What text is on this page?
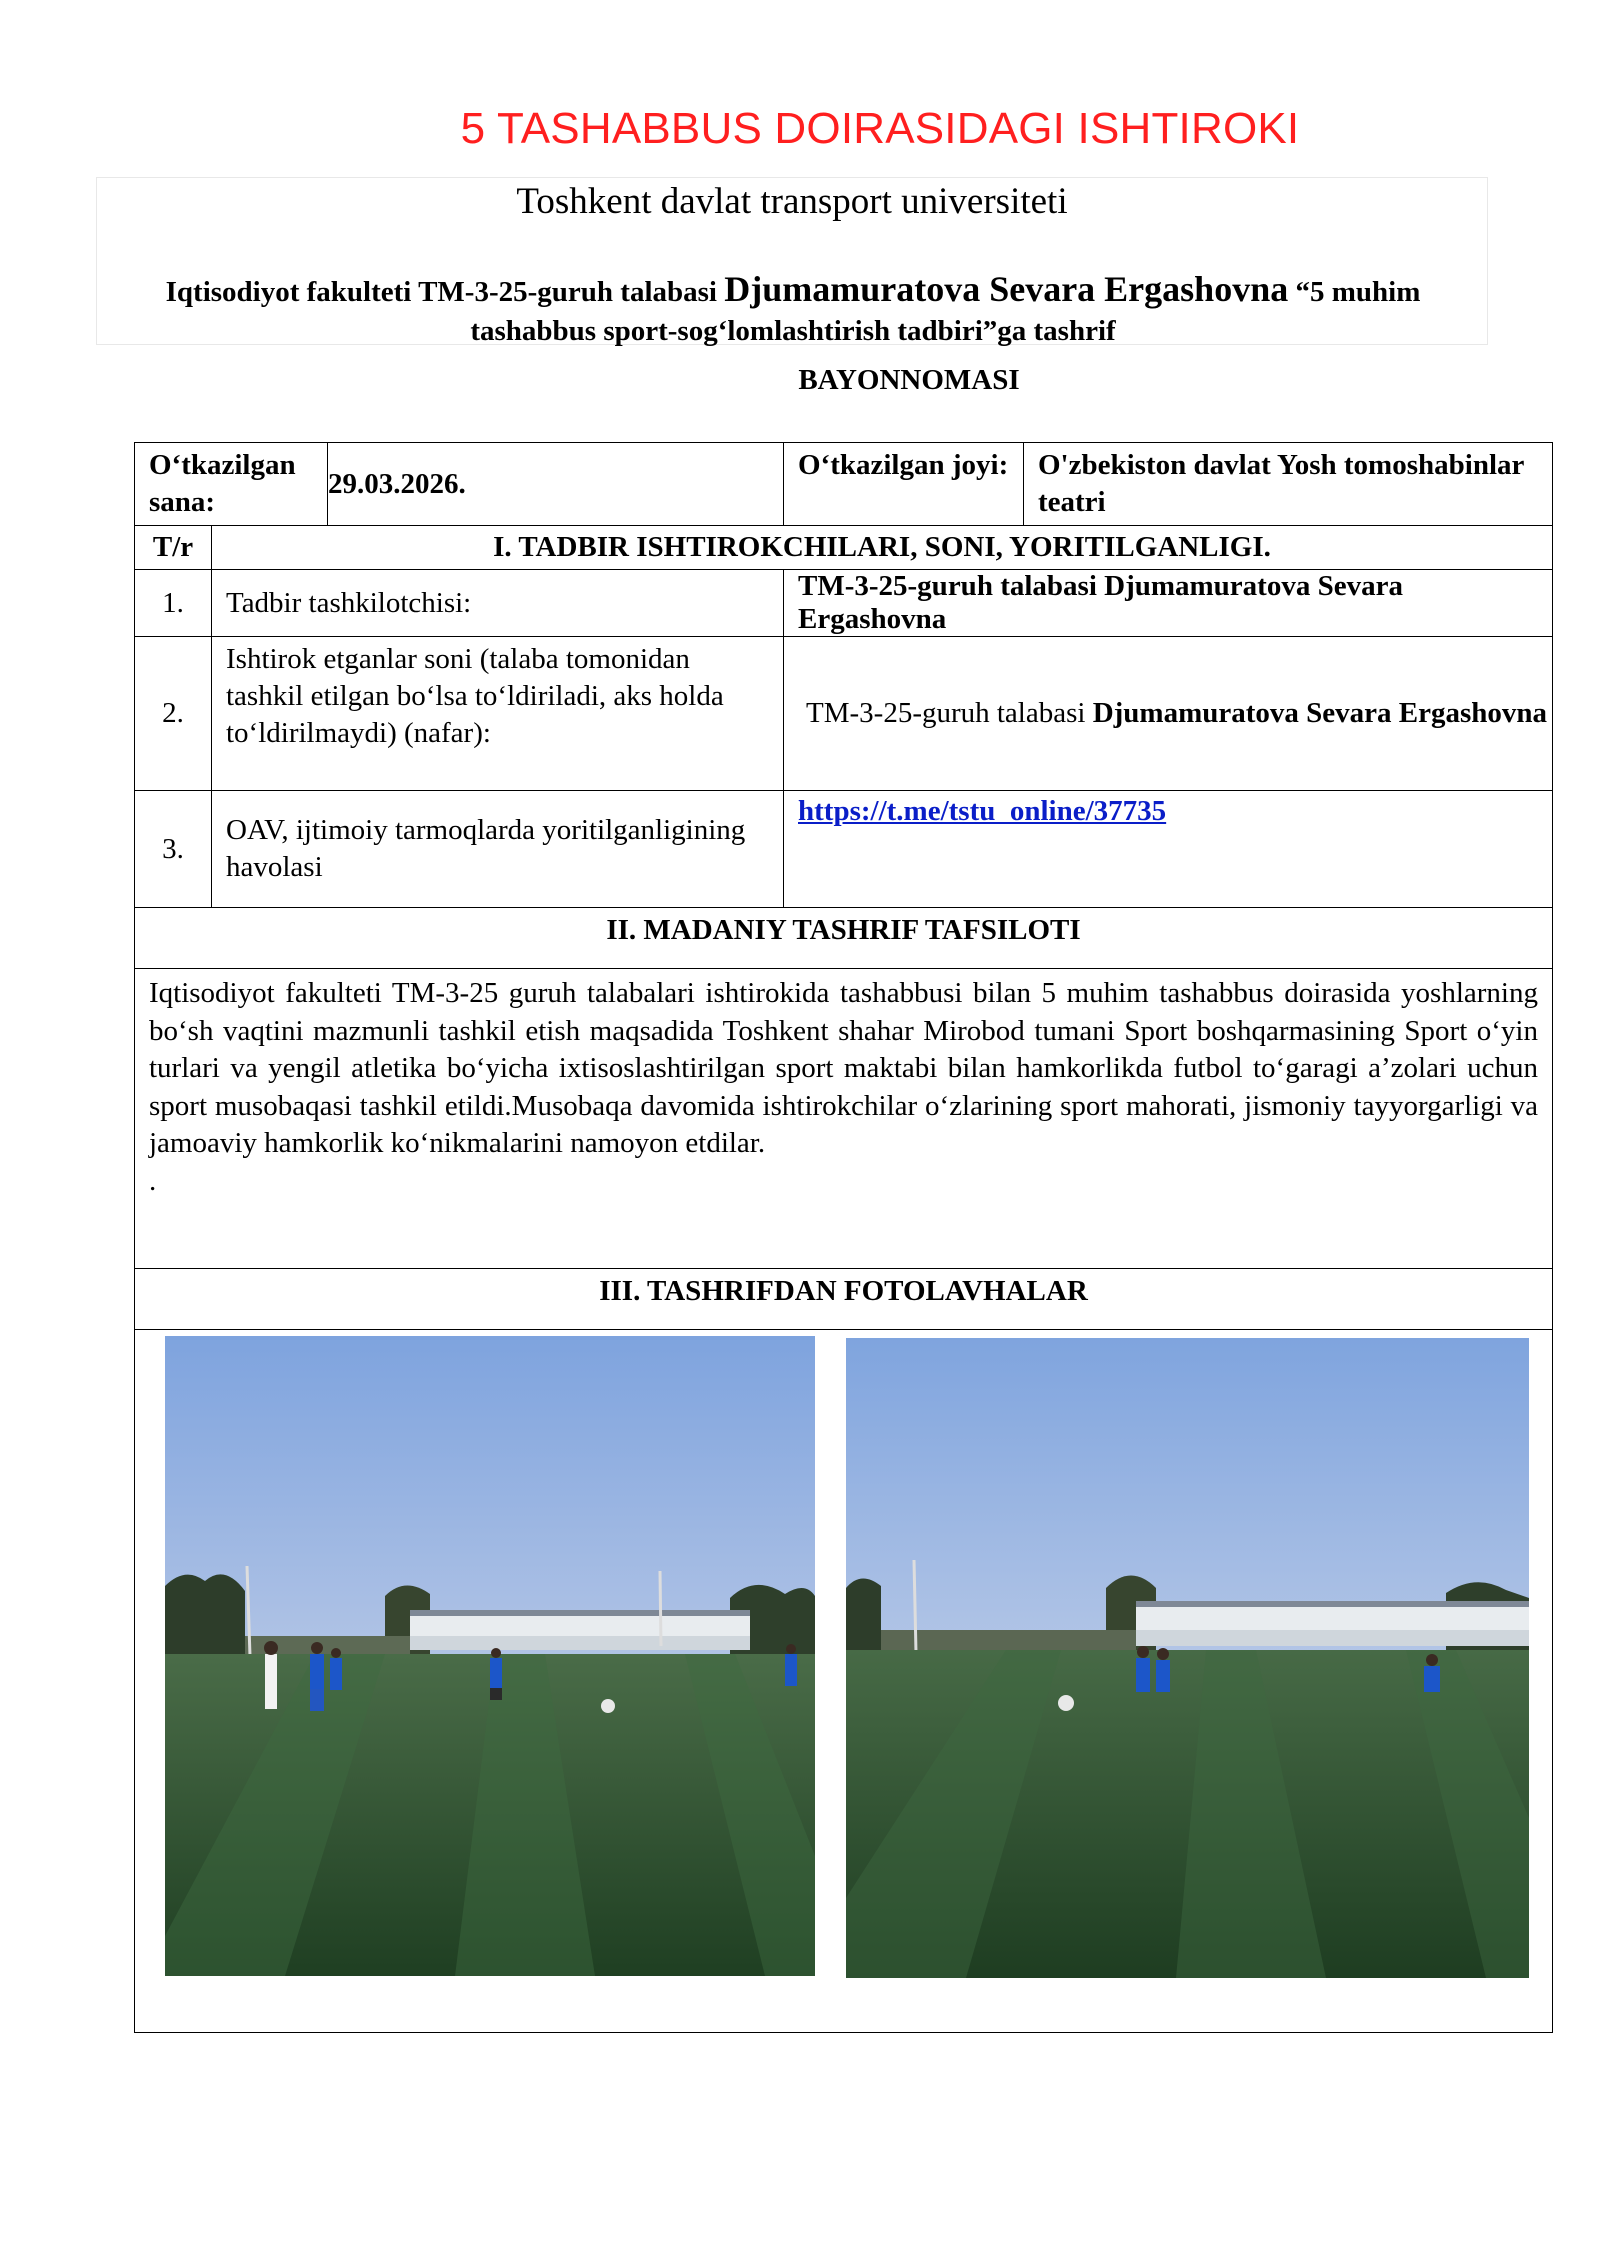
5 TASHABBUS DOIRASIDAGI ISHTIROKI
Toshkent davlat transport universiteti
Iqtisodiyot fakulteti TM-3-25-guruh talabasi Djumamuratova Sevara Ergashovna “5 muhim
tashabbus sport-sog‘lomlashtirish tadbiri”ga tashrif
BAYONNOMASI
O‘tkazilgan sana:		29.03.2026.	O‘tkazilgan joyi:	O'zbekiston davlat Yosh tomoshabinlar teatri
T/r	I. TADBIR ISHTIROKCHILARI, SONI, YORITILGANLIGI.			
1.	Tadbir tashkilotchisi:		TM-3-25-guruh talabasi Djumamuratova Sevara Ergashovna	
2.	Ishtirok etganlar soni (talaba tomonidan tashkil etilgan bo‘lsa to‘ldiriladi, aks holda to‘ldirilmaydi) (nafar):		TM-3-25-guruh talabasi Djumamuratova Sevara Ergashovna	
3.	OAV, ijtimoiy tarmoqlarda yoritilganligining havolasi		https://t.me/tstu_online/37735	
II. MADANIY TASHRIF TAFSILOTI				

Iqtisodiyot fakulteti TM-3-25 guruh talabalari ishtirokida tashabbusi bilan 5 muhim tashabbus doirasida yoshlarning bo‘sh vaqtini mazmunli tashkil etish maqsadida Toshkent shahar Mirobod tumani Sport boshqarmasining Sport o‘yin turlari va yengil atletika bo‘yicha ixtisoslashtirilgan sport maktabi bilan hamkorlikda futbol to‘garagi a’zolari uchun sport musobaqasi tashkil etildi.Musobaqa davomida ishtirokchilar o‘zlarining sport mahorati, jismoniy tayyorgarligi va jamoaviy hamkorlik ko‘nikmalarini namoyon etdilar.
.				

III. TASHRIFDAN FOTOLAVHALAR				
